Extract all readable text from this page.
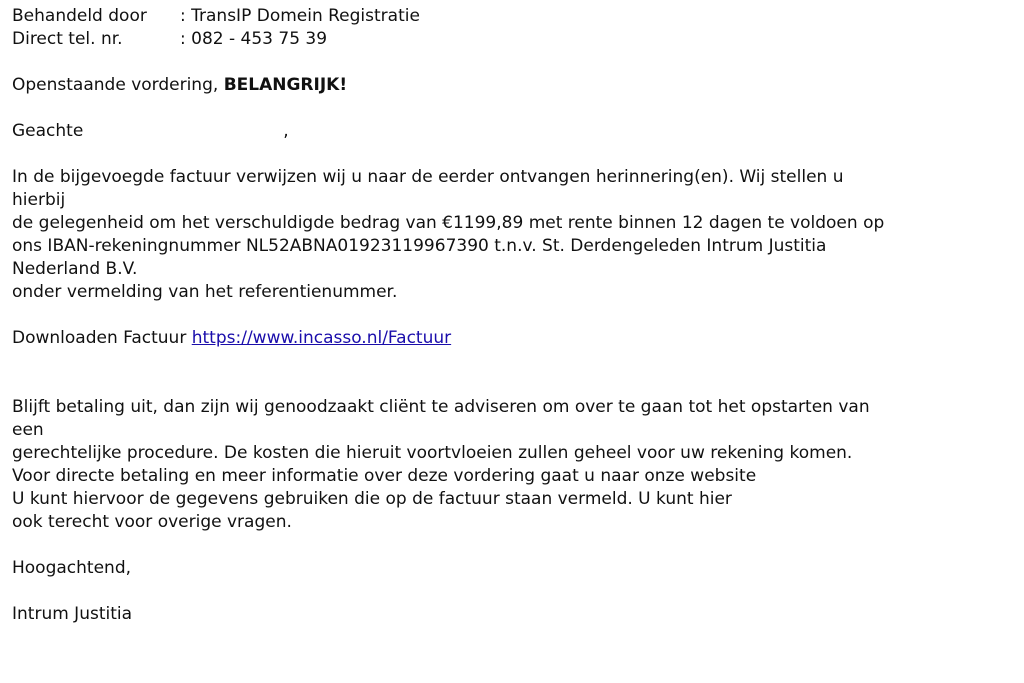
Behandeld door	: TransIP Domein Registratie
Direct tel. nr.	: 082 - 453 75 39
Openstaande vordering, BELANGRIJK!
Geachte	,
In de bijgevoegde factuur verwijzen wij u naar de eerder ontvangen herinnering(en). Wij stellen u
hierbij
de gelegenheid om het verschuldigde bedrag van €1199,89 met rente binnen 12 dagen te voldoen op
ons IBAN-rekeningnummer NL52ABNA01923119967390 t.n.v. St. Derdengeleden Intrum Justitia
Nederland B.V.
onder vermelding van het referentienummer.
Downloaden Factuur https://www.incasso.nl/Factuur
Blijft betaling uit, dan zijn wij genoodzaakt cliënt te adviseren om over te gaan tot het opstarten van
een
gerechtelijke procedure. De kosten die hieruit voortvloeien zullen geheel voor uw rekening komen.
Voor directe betaling en meer informatie over deze vordering gaat u naar onze website
U kunt hiervoor de gegevens gebruiken die op de factuur staan vermeld. U kunt hier
ook terecht voor overige vragen.
Hoogachtend,
Intrum Justitia
